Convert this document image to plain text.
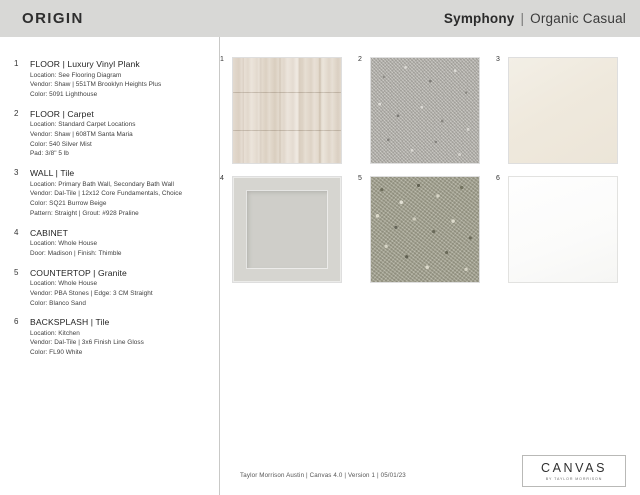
ORIGIN	Symphony | Organic Casual
1 FLOOR | Luxury Vinyl Plank
Location: See Flooring Diagram
Vendor: Shaw | 551TM Brooklyn Heights Plus
Color: 5091 Lighthouse
2 FLOOR | Carpet
Location: Standard Carpet Locations
Vendor: Shaw | 608TM Santa Maria
Color: 540 Silver Mist
Pad: 3/8" 5 lb
3 WALL | Tile
Location: Primary Bath Wall, Secondary Bath Wall
Vendor: Dal-Tile | 12x12 Core Fundamentals, Choice
Color: SQ21 Burrow Beige
Pattern: Straight | Grout: #928 Praline
4 CABINET
Location: Whole House
Door: Madison | Finish: Thimble
5 COUNTERTOP | Granite
Location: Whole House
Vendor: PBA Stones | Edge: 3 CM Straight
Color: Blanco Sand
6 BACKSPLASH | Tile
Location: Kitchen
Vendor: Dal-Tile | 3x6 Finish Line Gloss
Color: FL90 White
1	2	3
4	5	6
Taylor Morrison Austin | Canvas 4.0 | Version 1 | 05/01/23
CANVAS
BY TAYLOR MORRISON
